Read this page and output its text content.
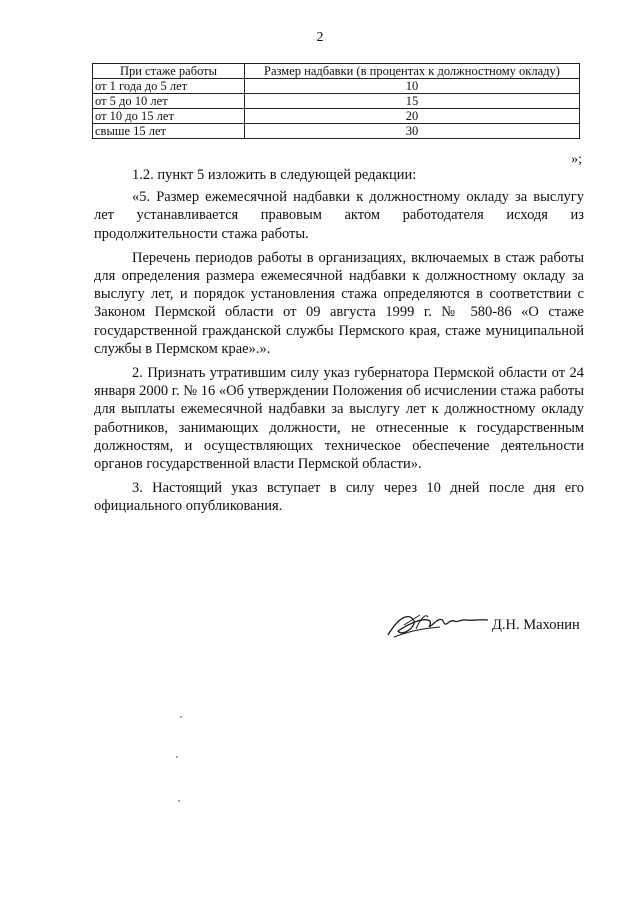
2
При стаже работы	Размер надбавки (в процентах к должностному окладу)
от 1 года до 5 лет	10
от 5 до 10 лет	15
от 10 до 15 лет	20
свыше 15 лет	30
»;

1.2. пункт 5 изложить в следующей редакции:

«5. Размер ежемесячной надбавки к должностному окладу за выслугу лет устанавливается правовым актом работодателя исходя из продолжительности стажа работы.

Перечень периодов работы в организациях, включаемых в стаж работы для определения размера ежемесячной надбавки к должностному окладу за выслугу лет, и порядок установления стажа определяются в соответствии с Законом Пермской области от 09 августа 1999 г. № 580-86 «О стаже государственной гражданской службы Пермского края, стаже муниципальной службы в Пермском крае».».

2. Признать утратившим силу указ губернатора Пермской области от 24 января 2000 г. № 16 «Об утверждении Положения об исчислении стажа работы для выплаты ежемесячной надбавки за выслугу лет к должностному окладу работников, занимающих должности, не отнесенные к государственным должностям, и осуществляющих техническое обеспечение деятельности органов государственной власти Пермской области».

3. Настоящий указ вступает в силу через 10 дней после дня его официального опубликования.

Д.Н. Махонин
